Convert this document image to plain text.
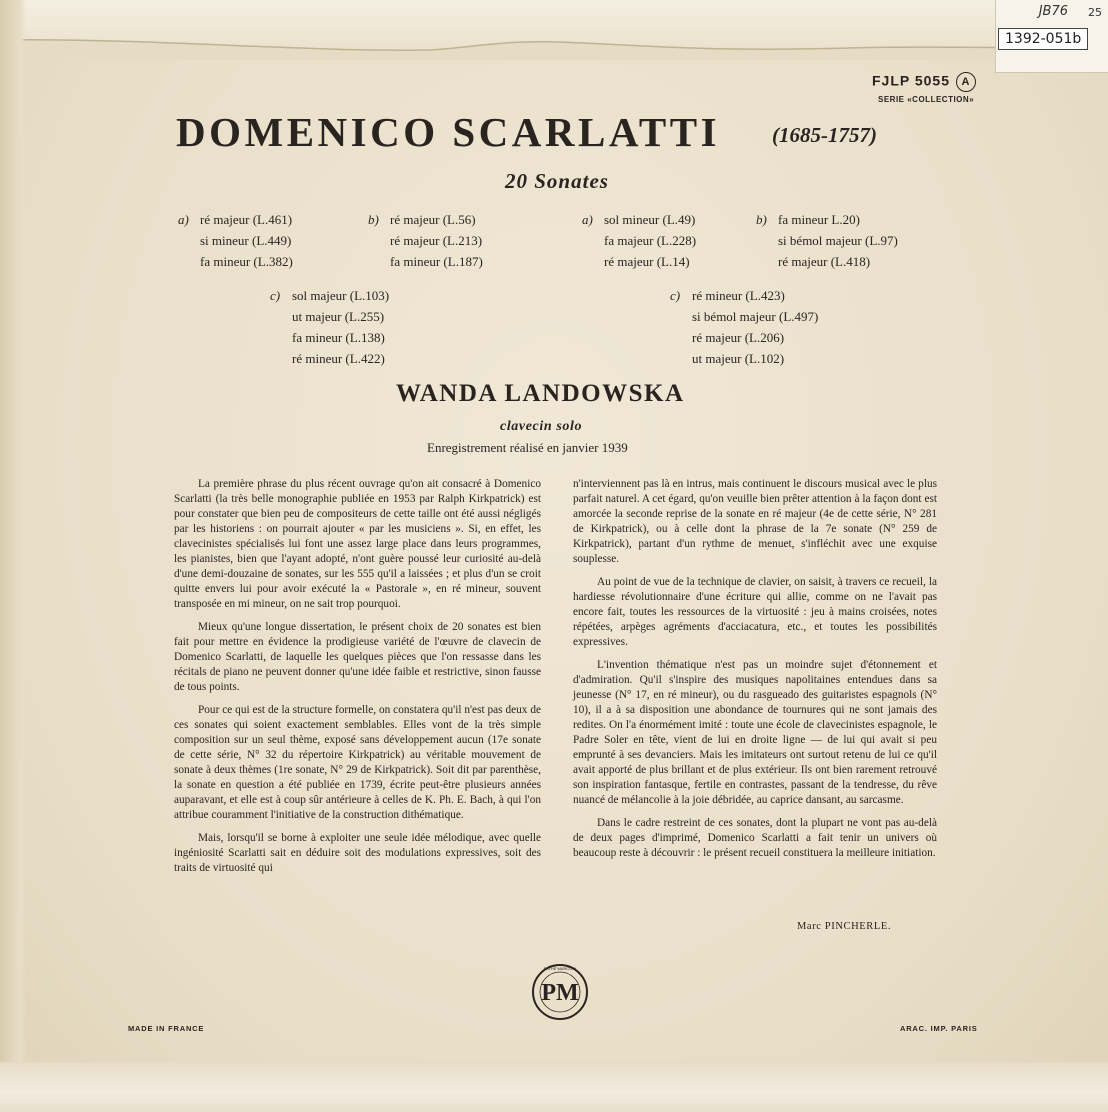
JB76 25
1392-051b
FJLP 5055 A
SERIE «COLLECTION»
DOMENICO SCARLATTI (1685-1757)
20 Sonates
a) ré majeur (L.461)
si mineur (L.449)
fa mineur (L.382)
b) ré majeur (L.56)
ré majeur (L.213)
fa mineur (L.187)
a) sol mineur (L.49)
fa majeur (L.228)
ré majeur (L.14)
b) fa mineur L.20)
si bémol majeur (L.97)
ré majeur (L.418)
c) sol majeur (L.103)
ut majeur (L.255)
fa mineur (L.138)
ré mineur (L.422)
c) ré mineur (L.423)
si bémol majeur (L.497)
ré majeur (L.206)
ut majeur (L.102)
WANDA LANDOWSKA
clavecin solo
Enregistrement réalisé en janvier 1939

La première phrase du plus récent ouvrage qu'on ait consacré à Domenico Scarlatti (la très belle monographie publiée en 1953 par Ralph Kirkpatrick) est pour constater que bien peu de compositeurs de cette taille ont été aussi négligés par les historiens : on pourrait ajouter « par les musiciens ». Si, en effet, les clavecinistes spécialisés lui font une assez large place dans leurs programmes, les pianistes, bien que l'ayant adopté, n'ont guère poussé leur curiosité au-delà d'une demi-douzaine de sonates, sur les 555 qu'il a laissées ; et plus d'un se croit quitte envers lui pour avoir exécuté la « Pastorale », en ré mineur, souvent transposée en mi mineur, on ne sait trop pourquoi.

Mieux qu'une longue dissertation, le présent choix de 20 sonates est bien fait pour mettre en évidence la prodigieuse variété de l'œuvre de clavecin de Domenico Scarlatti, de laquelle les quelques pièces que l'on ressasse dans les récitals de piano ne peuvent donner qu'une idée faible et restrictive, sinon fausse de tous points.

Pour ce qui est de la structure formelle, on constatera qu'il n'est pas deux de ces sonates qui soient exactement semblables. Elles vont de la très simple composition sur un seul thème, exposé sans développement aucun (17e sonate de cette série, N° 32 du répertoire Kirkpatrick) au véritable mouvement de sonate à deux thèmes (1re sonate, N° 29 de Kirkpatrick). Soit dit par parenthèse, la sonate en question a été publiée en 1739, écrite peut-être plusieurs années auparavant, et elle est à coup sûr antérieure à celles de K. Ph. E. Bach, à qui l'on attribue couramment l'initiative de la construction dithématique.

Mais, lorsqu'il se borne à exploiter une seule idée mélodique, avec quelle ingéniosité Scarlatti sait en déduire soit des modulations expressives, soit des traits de virtuosité qui

n'interviennent pas là en intrus, mais continuent le discours musical avec le plus parfait naturel. A cet égard, qu'on veuille bien prêter attention à la façon dont est amorcée la seconde reprise de la sonate en ré majeur (4e de cette série, N° 281 de Kirkpatrick), ou à celle dont la phrase de la 7e sonate (N° 259 de Kirkpatrick), partant d'un rythme de menuet, s'infléchit avec une exquise souplesse.

Au point de vue de la technique de clavier, on saisit, à travers ce recueil, la hardiesse révolutionnaire d'une écriture qui allie, comme on ne l'avait pas encore fait, toutes les ressources de la virtuosité : jeu à mains croisées, notes répétées, arpèges agréments d'acciacatura, etc., et toutes les possibilités expressives.

L'invention thématique n'est pas un moindre sujet d'étonnement et d'admiration. Qu'il s'inspire des musiques napolitaines entendues dans sa jeunesse (N° 17, en ré mineur), ou du rasgueado des guitaristes espagnols (N° 10), il a à sa disposition une abondance de tournures qui ne sont jamais des redites. On l'a énormément imité : toute une école de clavecinistes espagnole, le Padre Soler en tête, vient de lui en droite ligne — de lui qui avait si peu emprunté à ses devanciers. Mais les imitateurs ont surtout retenu de lui ce qu'il avait apporté de plus brillant et de plus extérieur. Ils ont bien rarement retrouvé son inspiration fantasque, fertile en contrastes, passant de la tendresse, du rêve nuancé de mélancolie à la joie débridée, au caprice dansant, au sarcasme.

Dans le cadre restreint de ces sonates, dont la plupart ne vont pas au-delà de deux pages d'imprimé, Domenico Scarlatti a fait tenir un univers où beaucoup reste à découvrir : le présent recueil constituera la meilleure initiation.

Marc PINCHERLE.
PM
PATHÉ MARCONI
MADE IN FRANCE	ARAC. IMP. PARIS
